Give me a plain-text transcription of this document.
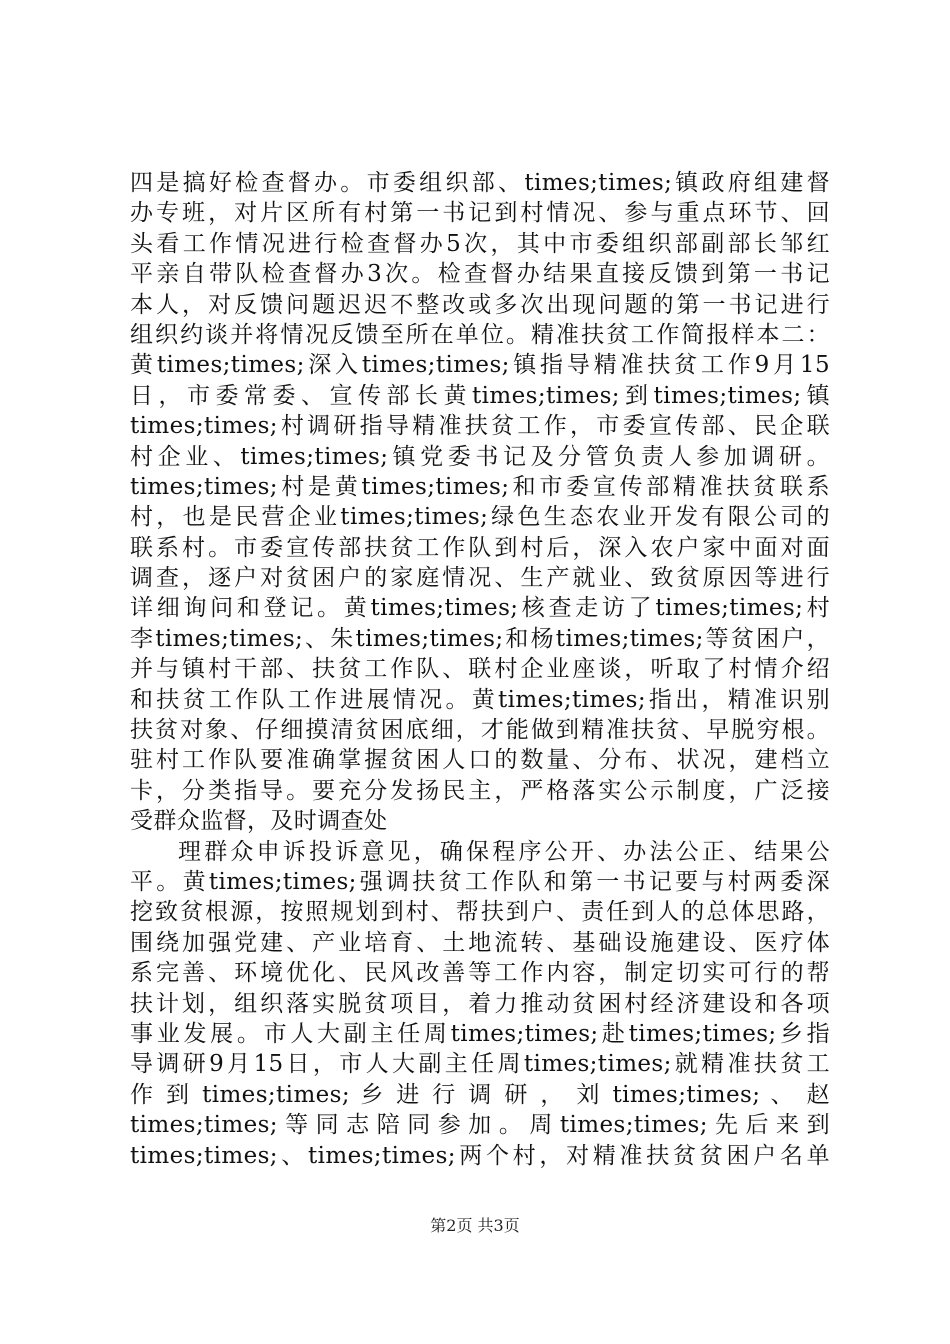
四是搞好检查督办。市委组织部、times;times;镇政府组建督
办专班，对片区所有村第一书记到村情况、参与重点环节、回
头看工作情况进行检查督办5次，其中市委组织部副部长邹红
平亲自带队检查督办3次。检查督办结果直接反馈到第一书记
本人，对反馈问题迟迟不整改或多次出现问题的第一书记进行
组织约谈并将情况反馈至所在单位。精准扶贫工作简报样本二：
黄times;times;深入times;times;镇指导精准扶贫工作9月15
日，市委常委、宣传部长黄times;times;到times;times;镇
times;times;村调研指导精准扶贫工作，市委宣传部、民企联
村企业、times;times;镇党委书记及分管负责人参加调研。
times;times;村是黄times;times;和市委宣传部精准扶贫联系
村，也是民营企业times;times;绿色生态农业开发有限公司的
联系村。市委宣传部扶贫工作队到村后，深入农户家中面对面
调查，逐户对贫困户的家庭情况、生产就业、致贫原因等进行
详细询问和登记。黄times;times;核查走访了times;times;村
李times;times;、朱times;times;和杨times;times;等贫困户，
并与镇村干部、扶贫工作队、联村企业座谈，听取了村情介绍
和扶贫工作队工作进展情况。黄times;times;指出，精准识别
扶贫对象、仔细摸清贫困底细，才能做到精准扶贫、早脱穷根。
驻村工作队要准确掌握贫困人口的数量、分布、状况，建档立
卡，分类指导。要充分发扬民主，严格落实公示制度，广泛接
受群众监督，及时调查处
理群众申诉投诉意见，确保程序公开、办法公正、结果公
平。黄times;times;强调扶贫工作队和第一书记要与村两委深
挖致贫根源，按照规划到村、帮扶到户、责任到人的总体思路，
围绕加强党建、产业培育、土地流转、基础设施建设、医疗体
系完善、环境优化、民风改善等工作内容，制定切实可行的帮
扶计划，组织落实脱贫项目，着力推动贫困村经济建设和各项
事业发展。市人大副主任周times;times;赴times;times;乡指
导调研9月15日，市人大副主任周times;times;就精准扶贫工
作 到 times;times; 乡 进 行 调 研 ， 刘 times;times; 、 赵
times;times;等同志陪同参加。周times;times;先后来到
times;times;、times;times;两个村，对精准扶贫贫困户名单
第2页 共3页
